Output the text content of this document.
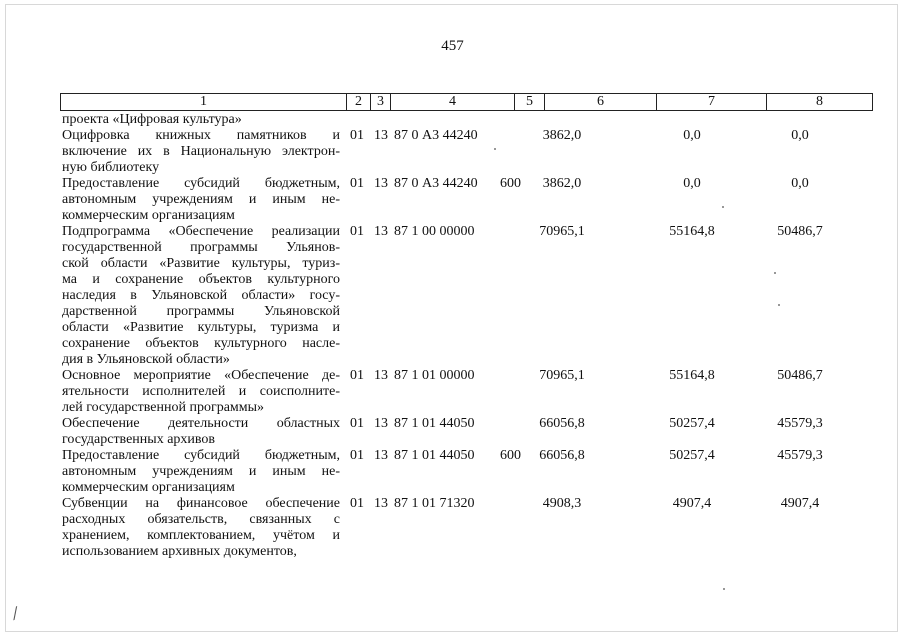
457
1	2	3	4	5	6	7	8
проекта «Цифровая культура»
Оцифровка книжных памятников и
включение их в Национальную электрон-
ную библиотеку
01 13 87 0 А3 44240	3862,0	0,0	0,0
Предоставление субсидий бюджетным,
автономным учреждениям и иным не-
коммерческим организациям
01 13 87 0 А3 44240 600	3862,0	0,0	0,0
Подпрограмма «Обеспечение реализации
государственной программы Ульянов-
ской области «Развитие культуры, туриз-
ма и сохранение объектов культурного
наследия в Ульяновской области» госу-
дарственной программы Ульяновской
области «Развитие культуры, туризма и
сохранение объектов культурного насле-
дия в Ульяновской области»
01 13 87 1 00 00000	70965,1	55164,8	50486,7
Основное мероприятие «Обеспечение де-
ятельности исполнителей и соисполните-
лей государственной программы»
01 13 87 1 01 00000	70965,1	55164,8	50486,7
Обеспечение деятельности областных
государственных архивов
01 13 87 1 01 44050	66056,8	50257,4	45579,3
Предоставление субсидий бюджетным,
автономным учреждениям и иным не-
коммерческим организациям
01 13 87 1 01 44050 600	66056,8	50257,4	45579,3
Субвенции на финансовое обеспечение
расходных обязательств, связанных с
хранением, комплектованием, учётом и
использованием архивных документов,
01 13 87 1 01 71320	4908,3	4907,4	4907,4
⁄
